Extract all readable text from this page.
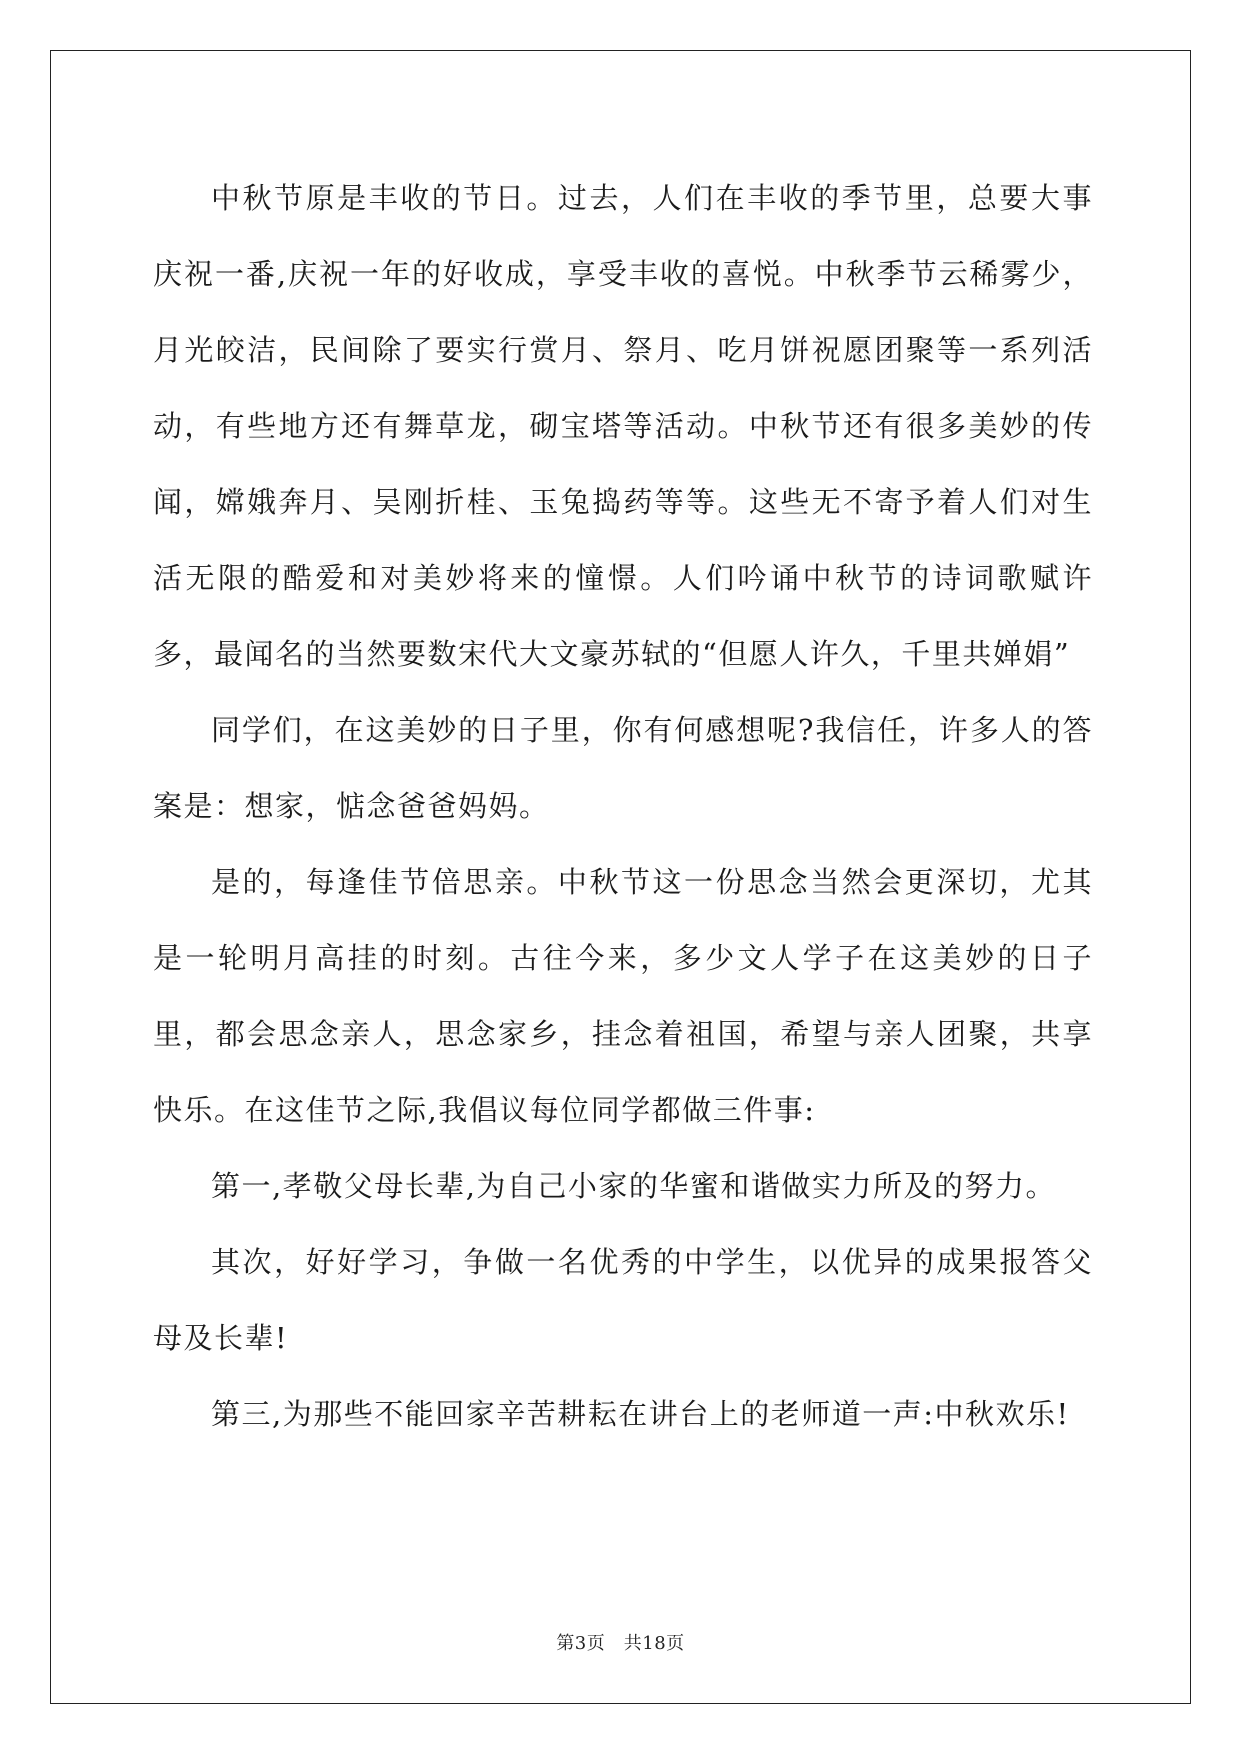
中秋节原是丰收的节日。过去，人们在丰收的季节里，总要大事庆祝一番,庆祝一年的好收成，享受丰收的喜悦。中秋季节云稀雾少，月光皎洁，民间除了要实行赏月、祭月、吃月饼祝愿团聚等一系列活动，有些地方还有舞草龙，砌宝塔等活动。中秋节还有很多美妙的传闻，嫦娥奔月、吴刚折桂、玉兔捣药等等。这些无不寄予着人们对生活无限的酷爱和对美妙将来的憧憬。人们吟诵中秋节的诗词歌赋许多，最闻名的当然要数宋代大文豪苏轼的“但愿人许久，千里共婵娟”

同学们，在这美妙的日子里，你有何感想呢?我信任，许多人的答案是：想家，惦念爸爸妈妈。

是的，每逢佳节倍思亲。中秋节这一份思念当然会更深切，尤其是一轮明月高挂的时刻。古往今来，多少文人学子在这美妙的日子里，都会思念亲人，思念家乡，挂念着祖国，希望与亲人团聚，共享快乐。在这佳节之际,我倡议每位同学都做三件事:

第一,孝敬父母长辈,为自己小家的华蜜和谐做实力所及的努力。

其次，好好学习，争做一名优秀的中学生，以优异的成果报答父母及长辈!

第三,为那些不能回家辛苦耕耘在讲台上的老师道一声:中秋欢乐!

第3页　共18页
